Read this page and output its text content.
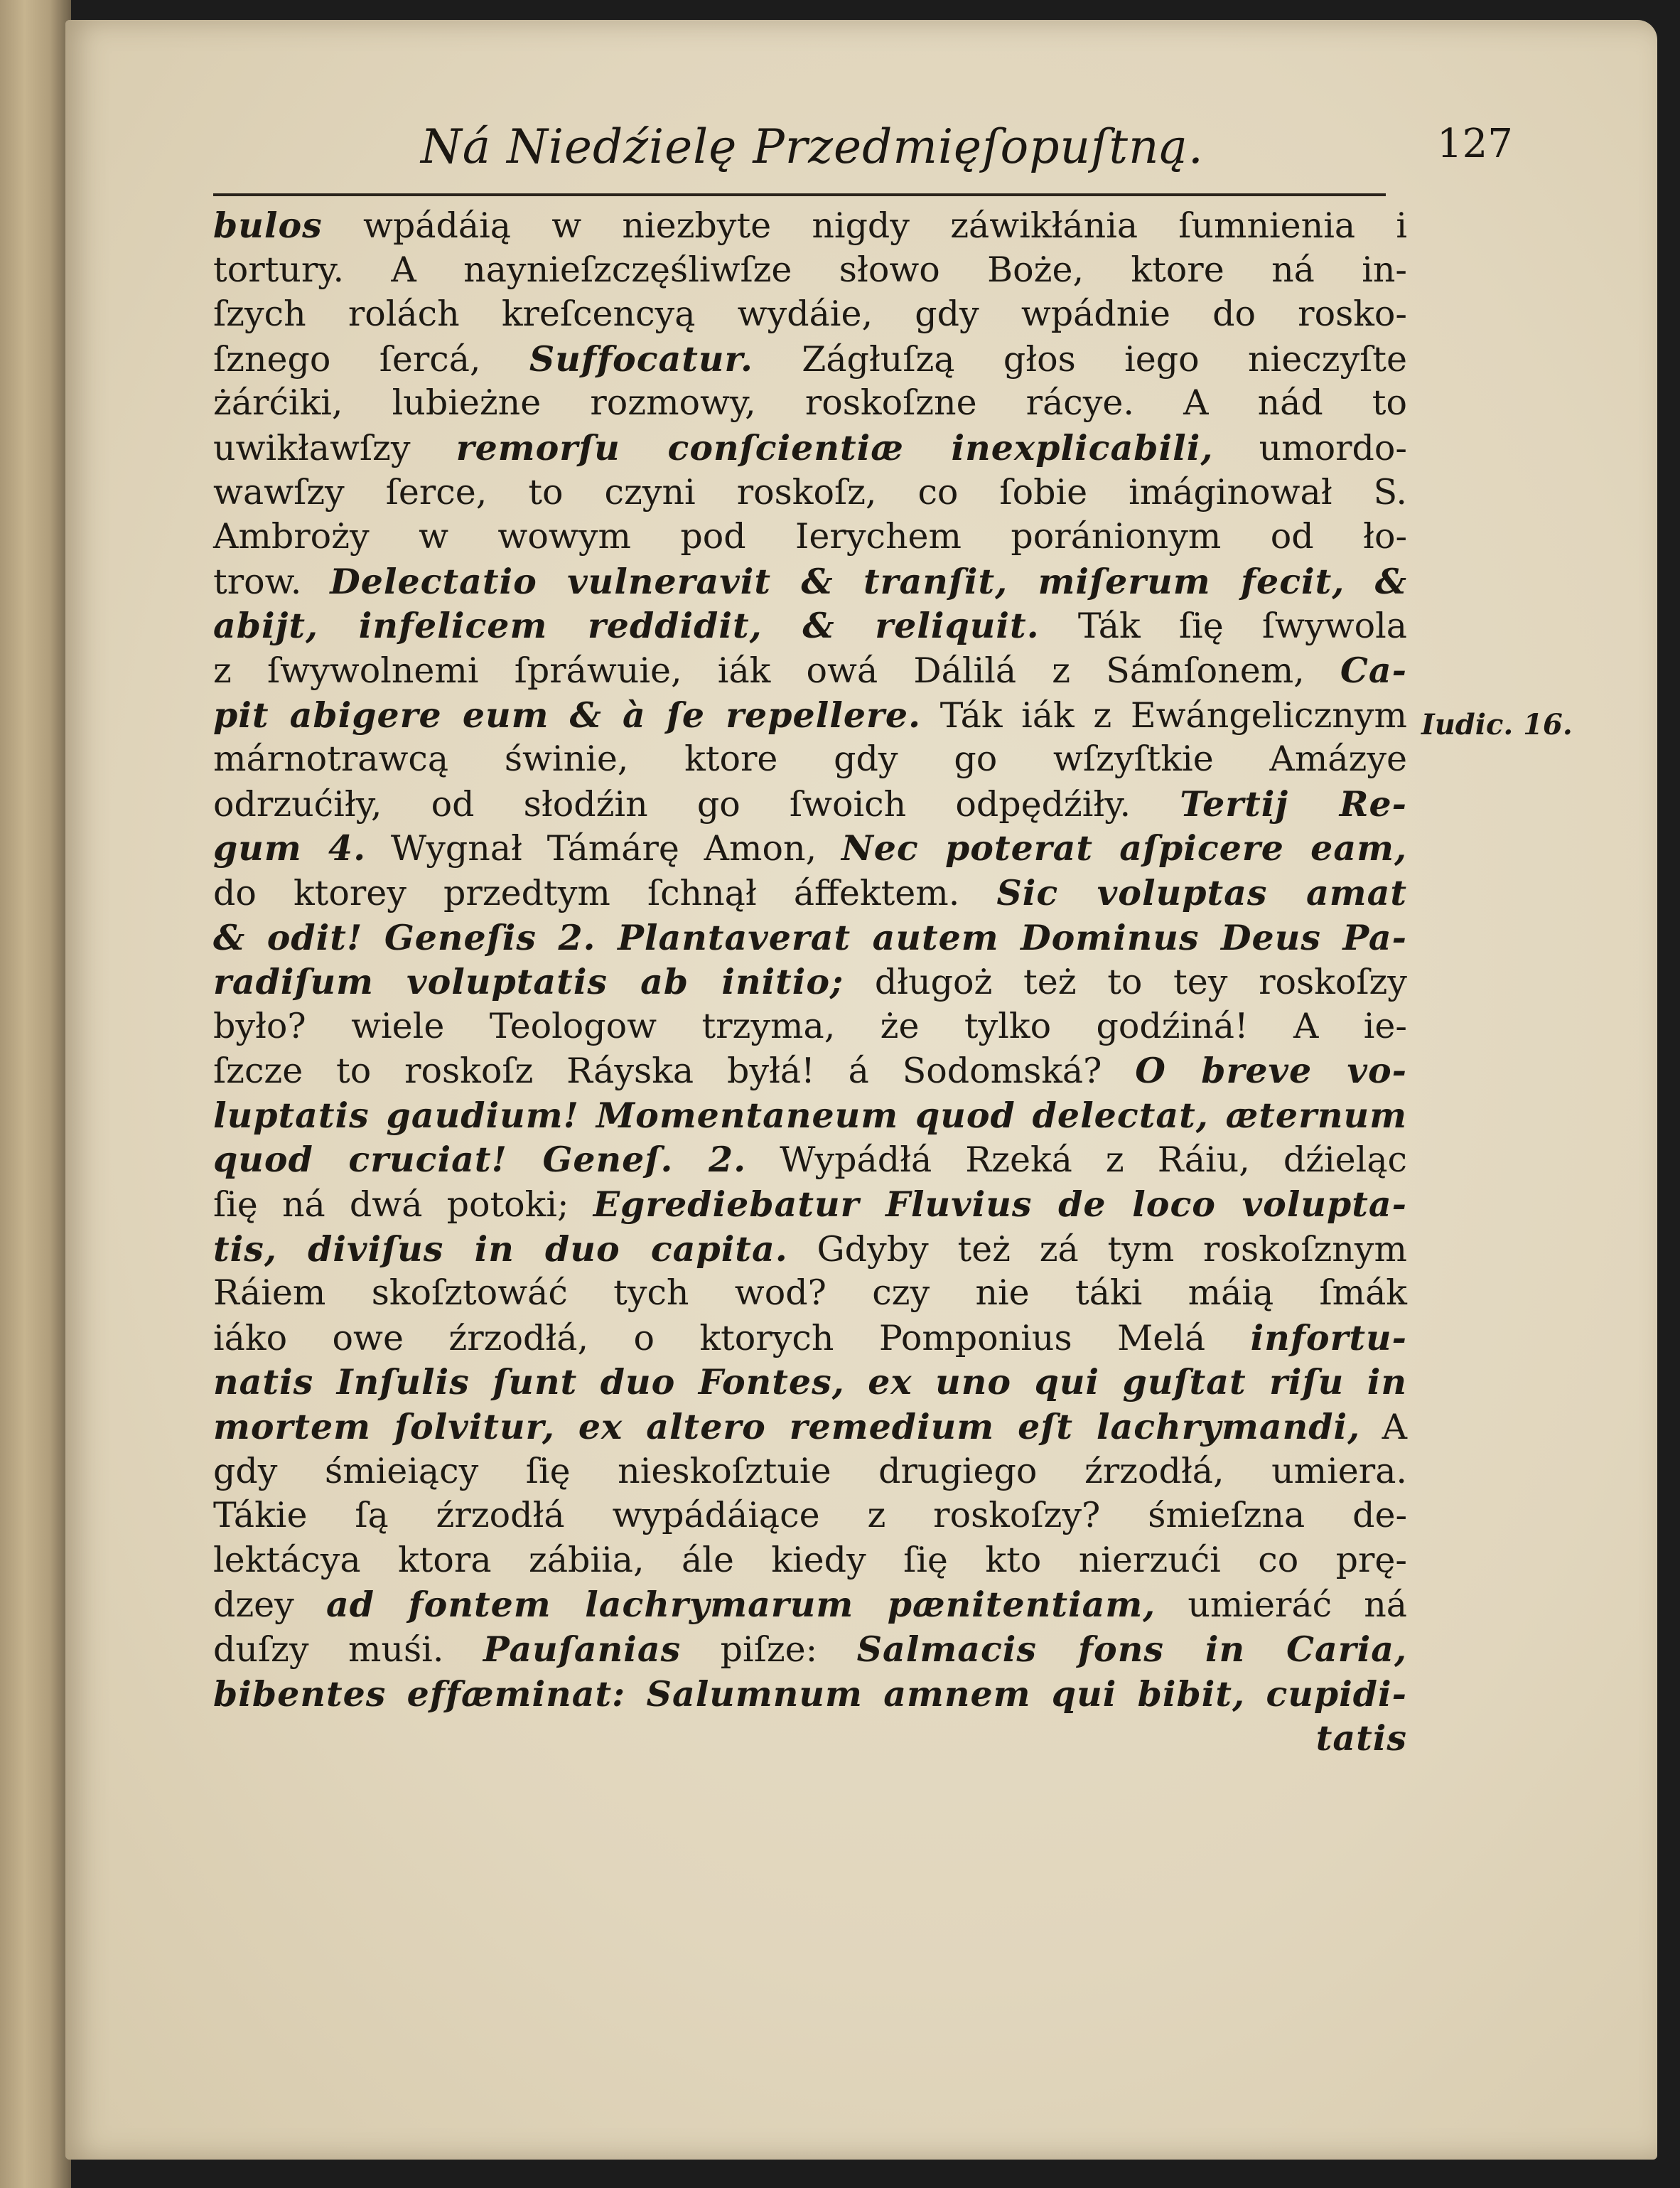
Ná Niedźielę Przedmięſopuſtną.	127
bulos wpádáią w niezbyte nigdy záwikłánia ſumnienia i
tortury. A naynieſzczęśliwſze słowo Boże, ktore ná in-
ſzych rolách kreſcencyą wydáie, gdy wpádnie do rosko-
ſznego ſercá, Suffocatur. Zágłuſzą głos iego nieczyſte
żárćiki, lubieżne rozmowy, roskoſzne rácye. A nád to
uwikławſzy remorſu conſcientiæ inexplicabili, umordo-
wawſzy ſerce, to czyni roskoſz, co ſobie imáginował S.
Ambroży w wowym pod Ierychem poránionym od ło-
trow. Delectatio vulneravit & tranſit, miſerum fecit, &
abijt, infelicem reddidit, & reliquit. Ták ſię ſwywola
z ſwywolnemi ſpráwuie, iák owá Dálilá z Sámſonem, Ca-
pit abigere eum & à ſe repellere. Ták iák z Ewángelicznym
márnotrawcą świnie, ktore gdy go wſzyſtkie Amázye
odrzućiły, od słodźin go ſwoich odpędźiły. Tertij Re-
gum 4. Wygnał Támárę Amon, Nec poterat aſpicere eam,
do ktorey przedtym ſchnął áffektem. Sic voluptas amat
& odit! Geneſis 2. Plantaverat autem Dominus Deus Pa-
radiſum voluptatis ab initio; długoż też to tey roskoſzy
było? wiele Teologow trzyma, że tylko godźiná! A ie-
ſzcze to roskoſz Ráyska byłá! á Sodomská? O breve vo-
luptatis gaudium! Momentaneum quod delectat, æternum
quod cruciat! Geneſ. 2. Wypádłá Rzeká z Ráiu, dźieląc
ſię ná dwá potoki; Egrediebatur Fluvius de loco volupta-
tis, diviſus in duo capita. Gdyby też zá tym roskoſznym
Ráiem skoſztowáć tych wod? czy nie táki máią ſmák
iáko owe źrzodłá, o ktorych Pomponius Melá infortu-
natis Inſulis ſunt duo Fontes, ex uno qui guſtat riſu in
mortem ſolvitur, ex altero remedium eſt lachrymandi, A
gdy śmieiący ſię nieskoſztuie drugiego źrzodłá, umiera.
Tákie ſą źrzodłá wypádáiące z roskoſzy? śmieſzna de-
lektácya ktora zábiia, ále kiedy ſię kto nierzući co prę-
dzey ad fontem lachrymarum pænitentiam, umieráć ná
duſzy muśi. Pauſanias piſze: Salmacis fons in Caria,
bibentes effæminat: Salumnum amnem qui bibit, cupidi-
tatis
Iudic. 16.
